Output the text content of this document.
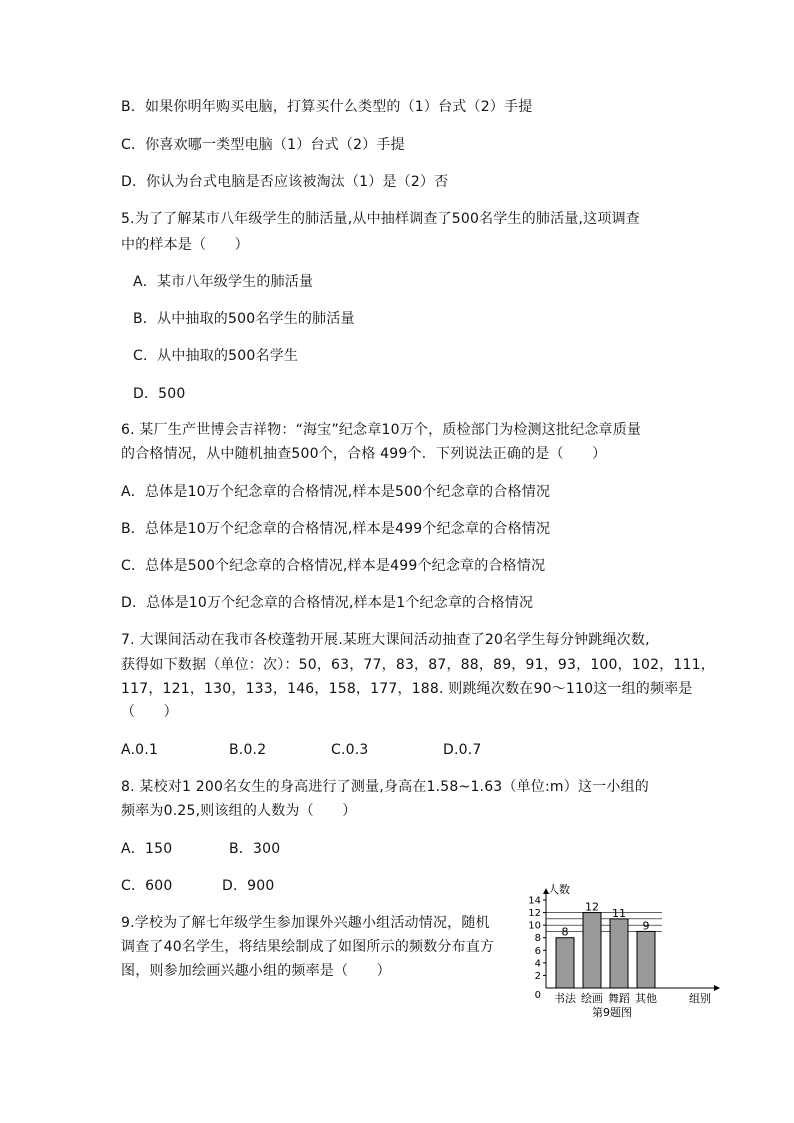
B．如果你明年购买电脑，打算买什么类型的（1）台式（2）手提
C．你喜欢哪一类型电脑（1）台式（2）手提
D．你认为台式电脑是否应该被淘汰（1）是（2）否
5.为了了解某市八年级学生的肺活量,从中抽样调查了500名学生的肺活量,这项调查
中的样本是（　　）
A．某市八年级学生的肺活量
B．从中抽取的500名学生的肺活量
C．从中抽取的500名学生
D．500
6. 某厂生产世博会吉祥物：“海宝”纪念章10万个，质检部门为检测这批纪念章质量
的合格情况，从中随机抽查500个，合格 499个．下列说法正确的是（　　）
A．总体是10万个纪念章的合格情况,样本是500个纪念章的合格情况
B．总体是10万个纪念章的合格情况,样本是499个纪念章的合格情况
C．总体是500个纪念章的合格情况,样本是499个纪念章的合格情况
D．总体是10万个纪念章的合格情况,样本是1个纪念章的合格情况
7. 大课间活动在我市各校蓬勃开展.某班大课间活动抽查了20名学生每分钟跳绳次数,
获得如下数据（单位：次）：50，63，77，83，87，88，89，91，93，100，102，111，
117，121，130，133，146，158，177，188. 则跳绳次数在90～110这一组的频率是
（　　）
A.0.1	B.0.2	C.0.3	D.0.7
8. 某校对1 200名女生的身高进行了测量,身高在1.58~1.63（单位:m）这一小组的
频率为0.25,则该组的人数为（　　）
A．150	B．300
C．600	D．900
9.学校为了解七年级学生参加课外兴趣小组活动情况，随机
调查了40名学生，将结果绘制成了如图所示的频数分布直方
图，则参加绘画兴趣小组的频率是（　　）
人数
0
2
4
6
8
10
12
14
8
书法
12
绘画
11
舞蹈
9
其他	组别
第9题图
